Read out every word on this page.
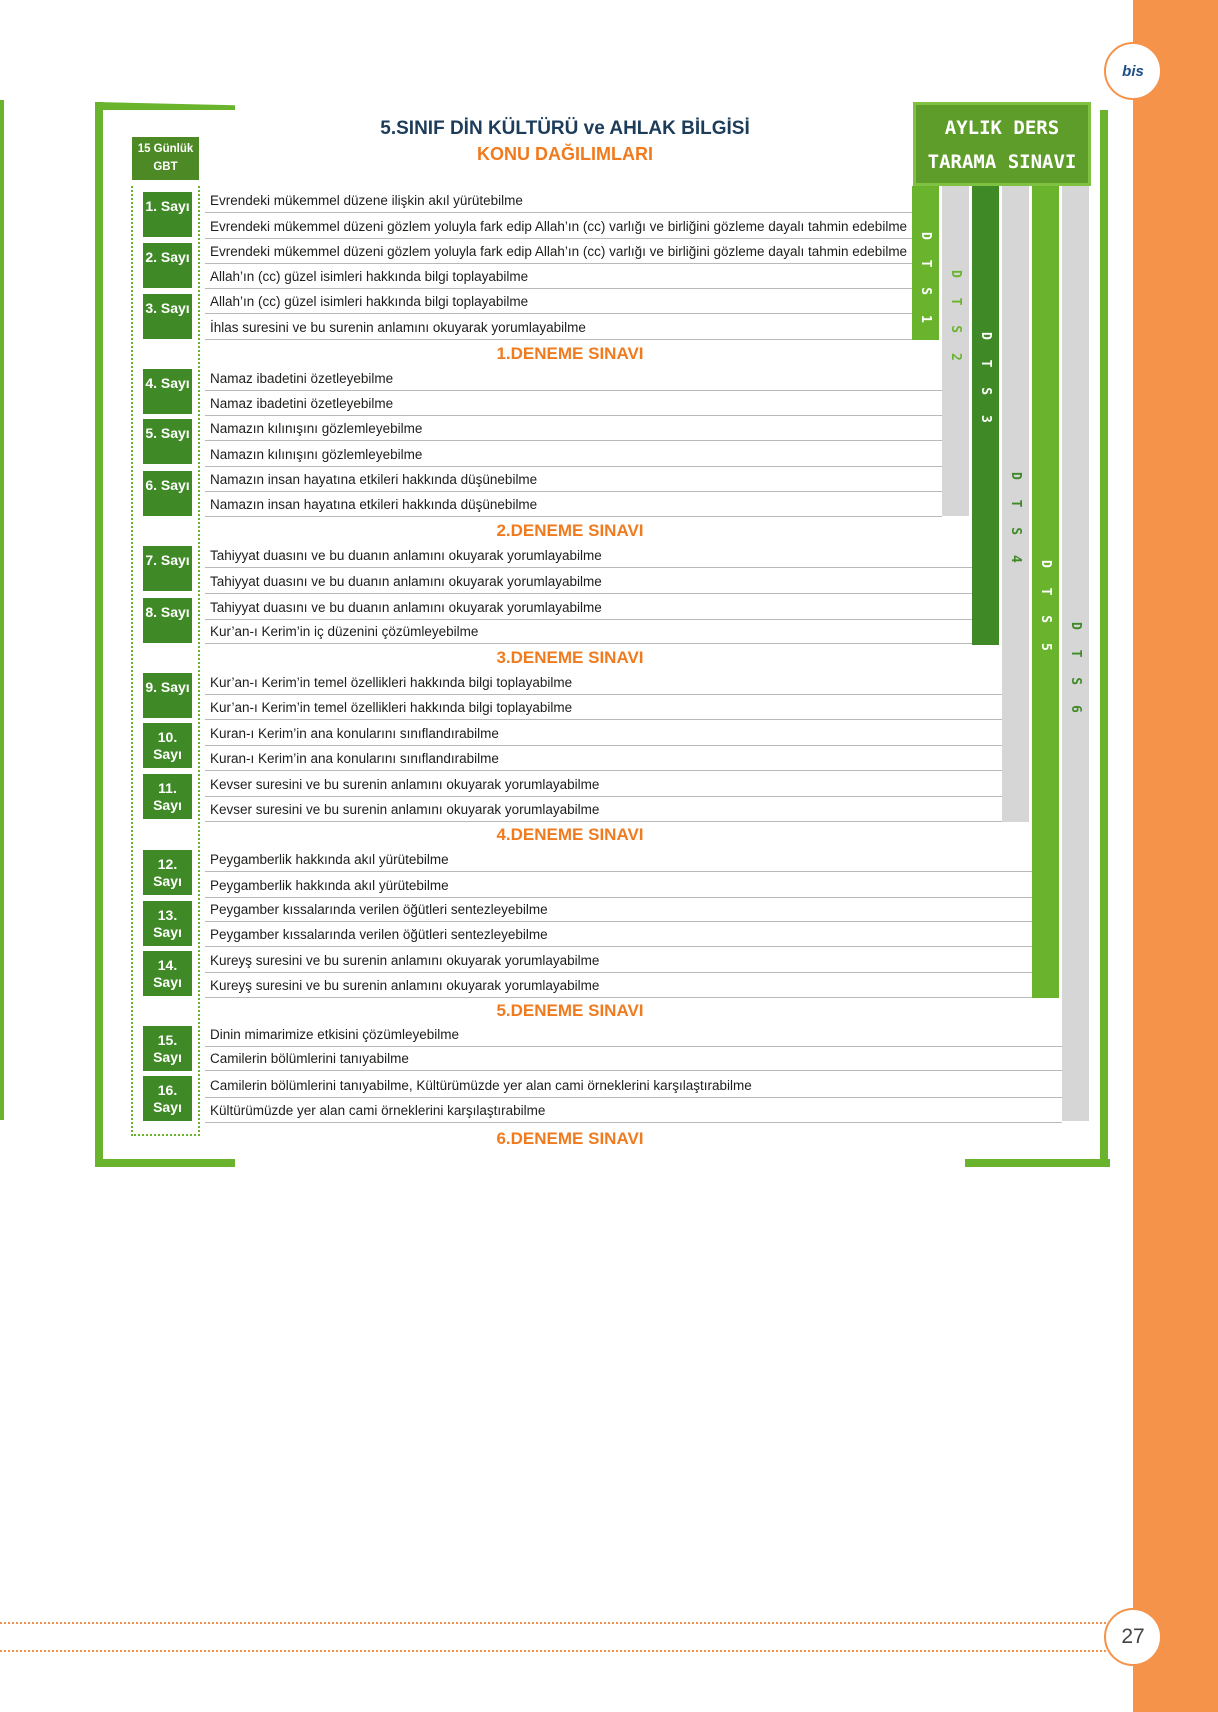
bis
27
5.SINIF DİN KÜLTÜRÜ ve AHLAK BİLGİSİ
KONU DAĞILIMLARI
15 Günlük GBT
AYLIK DERS TARAMA SINAVI
D T S 1 D T S 2
D T S 3
D T S 4
D T S 5
D T S 6
1. Sayı
2. Sayı
3. Sayı
4. Sayı
5. Sayı
6. Sayı
7. Sayı
8. Sayı
9. Sayı
10. Sayı
11. Sayı
12. Sayı
13. Sayı
14. Sayı
15. Sayı
16. Sayı
Evrendeki mükemmel düzene ilişkin akıl yürütebilme
Evrendeki mükemmel düzeni gözlem yoluyla fark edip Allah’ın (cc) varlığı ve birliğini gözleme dayalı tahmin edebilme
Evrendeki mükemmel düzeni gözlem yoluyla fark edip Allah’ın (cc) varlığı ve birliğini gözleme dayalı tahmin edebilme
Allah’ın (cc) güzel isimleri hakkında bilgi toplayabilme
Allah’ın (cc) güzel isimleri hakkında bilgi toplayabilme
İhlas suresini ve bu surenin anlamını okuyarak yorumlayabilme
1.DENEME SINAVI
Namaz ibadetini özetleyebilme
Namaz ibadetini özetleyebilme
Namazın kılınışını gözlemleyebilme
Namazın kılınışını gözlemleyebilme
Namazın insan hayatına etkileri hakkında düşünebilme
Namazın insan hayatına etkileri hakkında düşünebilme
2.DENEME SINAVI
Tahiyyat duasını ve bu duanın anlamını okuyarak yorumlayabilme
Tahiyyat duasını ve bu duanın anlamını okuyarak yorumlayabilme
Tahiyyat duasını ve bu duanın anlamını okuyarak yorumlayabilme
Kur’an-ı Kerim’in iç düzenini çözümleyebilme
3.DENEME SINAVI
Kur’an-ı Kerim’in temel özellikleri hakkında bilgi toplayabilme
Kur’an-ı Kerim’in temel özellikleri hakkında bilgi toplayabilme
Kuran-ı Kerim’in ana konularını sınıflandırabilme
Kuran-ı Kerim’in ana konularını sınıflandırabilme
Kevser suresini ve bu surenin anlamını okuyarak yorumlayabilme
Kevser suresini ve bu surenin anlamını okuyarak yorumlayabilme
4.DENEME SINAVI
Peygamberlik hakkında akıl yürütebilme
Peygamberlik hakkında akıl yürütebilme
Peygamber kıssalarında verilen öğütleri sentezleyebilme
Peygamber kıssalarında verilen öğütleri sentezleyebilme
Kureyş suresini ve bu surenin anlamını okuyarak yorumlayabilme
Kureyş suresini ve bu surenin anlamını okuyarak yorumlayabilme
5.DENEME SINAVI
Dinin mimarimize etkisini çözümleyebilme
Camilerin bölümlerini tanıyabilme
Camilerin bölümlerini tanıyabilme, Kültürümüzde yer alan cami örneklerini karşılaştırabilme
Kültürümüzde yer alan cami örneklerini karşılaştırabilme
6.DENEME SINAVI
